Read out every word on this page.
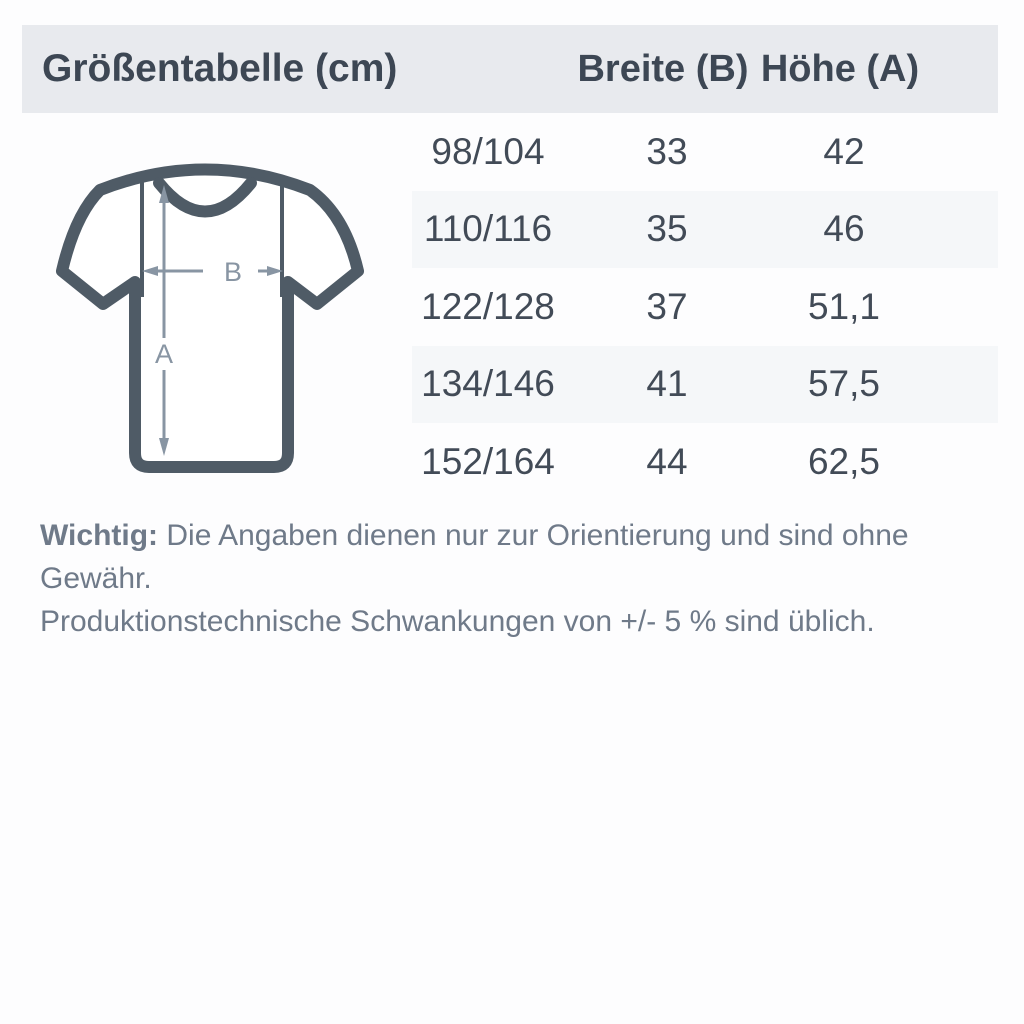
Größentabelle (cm)	Breite (B) Höhe (A)
98/104	33	42
110/116	35	46
122/128	37	51,1
134/146	41	57,5
152/164	44	62,5
A
B
Wichtig: Die Angaben dienen nur zur Orientierung und sind ohne Gewähr.
Produktionstechnische Schwankungen von +/- 5 % sind üblich.
